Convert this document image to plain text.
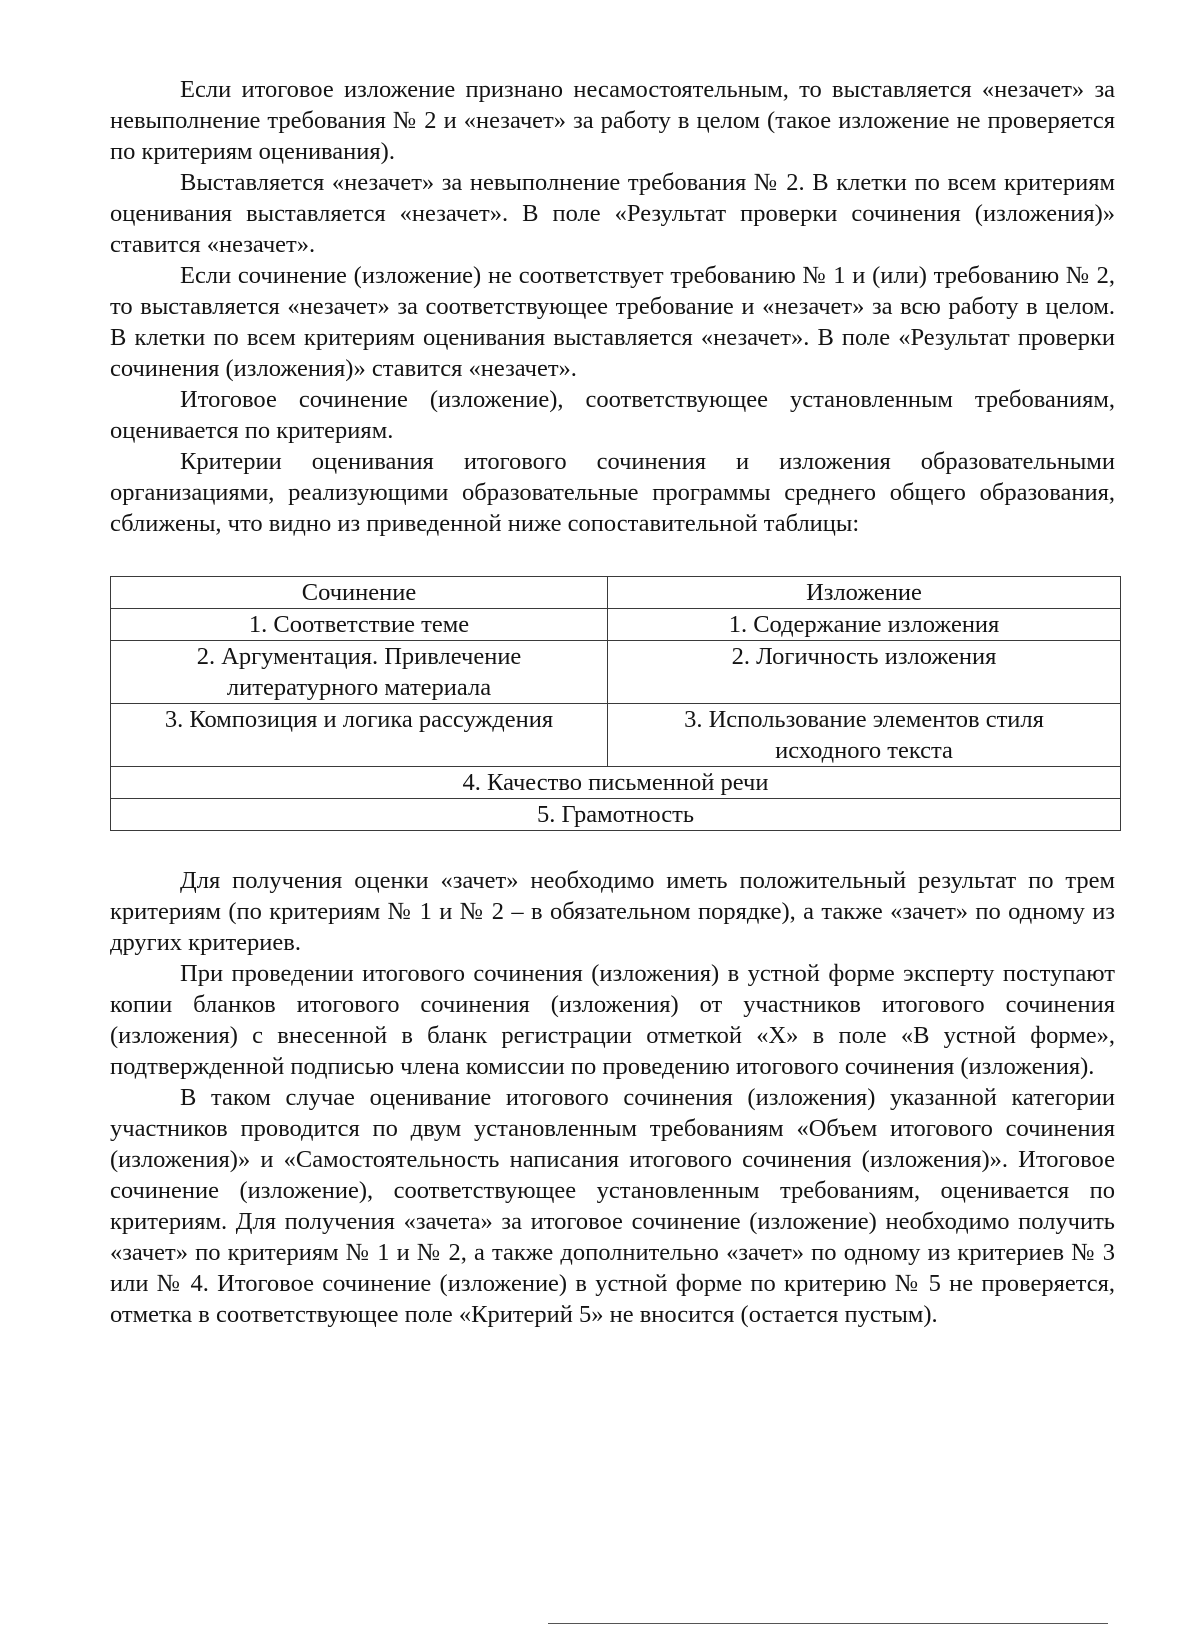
Если итоговое изложение признано несамостоятельным, то выставляется «незачет» за невыполнение требования № 2 и «незачет» за работу в целом (такое изложение не проверяется по критериям оценивания).

Выставляется «незачет» за невыполнение требования № 2. В клетки по всем критериям оценивания выставляется «незачет». В поле «Результат проверки сочинения (изложения)» ставится «незачет».

Если сочинение (изложение) не соответствует требованию № 1 и (или) требованию № 2, то выставляется «незачет» за соответствующее требование и «незачет» за всю работу в целом. В клетки по всем критериям оценивания выставляется «незачет». В поле «Результат проверки сочинения (изложения)» ставится «незачет».

Итоговое сочинение (изложение), соответствующее установленным требованиям, оценивается по критериям.

Критерии оценивания итогового сочинения и изложения образовательными организациями, реализующими образовательные программы среднего общего образования, сближены, что видно из приведенной ниже сопоставительной таблицы:

Сочинение	Изложение
1. Соответствие теме	1. Содержание изложения
2. Аргументация. Привлечение литературного материала	2. Логичность изложения
3. Композиция и логика рассуждения	3. Использование элементов стиля исходного текста
4. Качество письменной речи	
5. Грамотность	

Для получения оценки «зачет» необходимо иметь положительный результат по трем критериям (по критериям № 1 и № 2 – в обязательном порядке), а также «зачет» по одному из других критериев.

При проведении итогового сочинения (изложения) в устной форме эксперту поступают копии бланков итогового сочинения (изложения) от участников итогового сочинения (изложения) с внесенной в бланк регистрации отметкой «Х» в поле «В устной форме», подтвержденной подписью члена комиссии по проведению итогового сочинения (изложения).

В таком случае оценивание итогового сочинения (изложения) указанной категории участников проводится по двум установленным требованиям «Объем итогового сочинения (изложения)» и «Самостоятельность написания итогового сочинения (изложения)». Итоговое сочинение (изложение), соответствующее установленным требованиям, оценивается по критериям. Для получения «зачета» за итоговое сочинение (изложение) необходимо получить «зачет» по критериям № 1 и № 2, а также дополнительно «зачет» по одному из критериев № 3 или № 4. Итоговое сочинение (изложение) в устной форме по критерию № 5 не проверяется, отметка в соответствующее поле «Критерий 5» не вносится (остается пустым).
